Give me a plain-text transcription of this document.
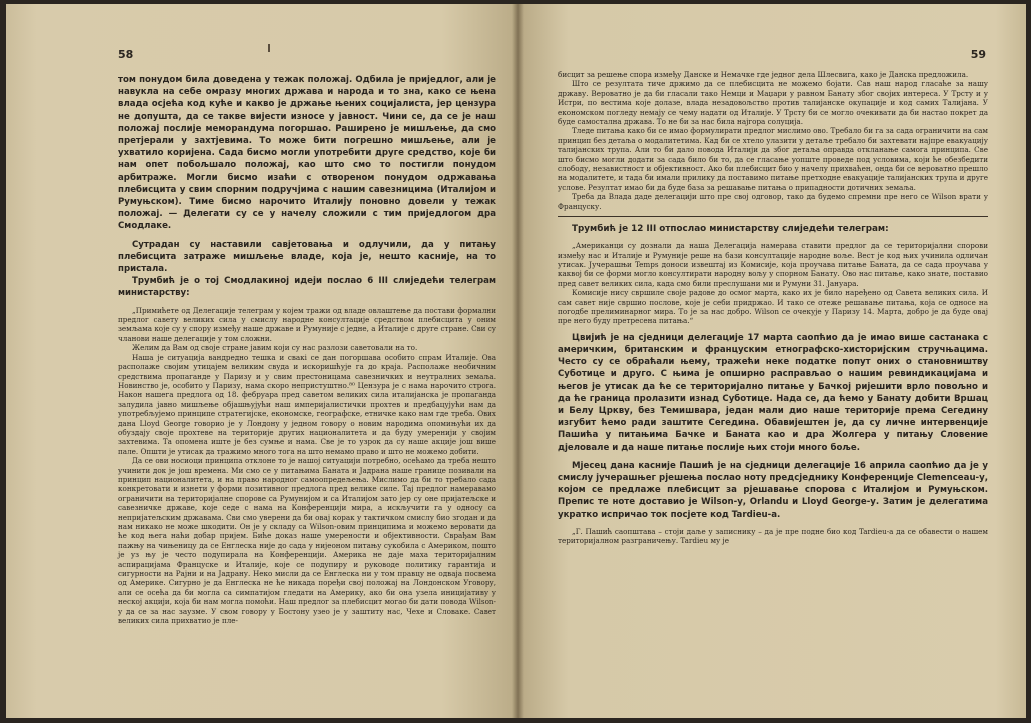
58

том понудом била доведена у тежак положај. Одбила је приједлог, али је навукла на себе омразу многих држава и народа и то зна, како се њена влада осјећа код куће и какво је држање њених социјалиста, јер цензура не допушта, да се такве вијести износе у јавност. Чини се, да се је наш положај послије меморандума погоршао. Раширено је мишљење, да смо претјерали у захтјевима. То може бити погрешно мишљење, али је ухватило коријена. Сада бисмо могли употребити друге средство, које би нам опет побољшало положај, као што смо то постигли понудом арбитраже. Могли бисмо изаћи с отвореном понудом одржавања плебисцита у свим спорним подручјима с нашим савезницима (Италијом и Румуњском). Тиме бисмо нарочито Италију поновно довели у тежак положај. — Делегати су се у начелу сложили с тим приједлогом дра Смодлаке.

Сутрадан су наставили савјетовања и одлучили, да у питању плебисцита затраже мишљење владе, која је, нешто касније, на то пристала.

Трумбић је о тој Смодлакиној идеји послао 6 III слиједећи телеграм министарству:

„Примићете од Делегације телеграм у којем тражи од владе овлаштење да постави формални предлог савету великих сила у смислу народне консултације средством плебисцита у оним земљама које су у спору између наше државе и Румуније с једне, а Италије с друге стране. Сви су чланови наше делегације у том сложни.

Желим да Вам од своје стране јавим који су нас разлози саветовали на то.

Наша је ситуација вандредно тешка и свакi се дан погоршава особито спрам Италије. Ова располаже својим утицајем великим свуда и искоришћује га до краја. Располаже необичним средствима пропаганде у Паризу и у свим престоницама савезничких и неутралних земаља. Новинство је, особито у Паризу, нама скоро непристуштно.⁸⁰ Цензура је с нама нарочито строга. Након нашега предлога од 18. фебруара пред саветом великих сила италијанска је пропаганда залудила јавно мишљење објашњујући наш империјалистички прохтев и предбацујући нам да употребљујемо принципе стратегијске, економске, географске, етничке како нам где треба. Ових дана Lloyd George говорио је у Лондону у једном говору о новим народима опомињући их да обуздају своје прохтеве на територије других националитета и да буду умеренији у својим захтевима. Та опомена иште је без сумње и нама. Све је то узрок да су наше акције још више пале. Општи је утисак да тражимо много тога на што немамо право и што не можемо добити.

Да се ови носиоци принципа отклоне то је нашој ситуацији потребно, осећамо да треба нешто учинити док је још времена. Ми смо се у питањима Баната и Јадрана наше границе позивали на принцип националитета, и на право народног самоопредељења. Мислимо да би то требало сада конкретовати и изнети у форми позитивног предлога пред велике силе. Тај предлог намеравамо ограничити на територијалне спорове са Румунијом и са Италијом зато јер су оне пријатељске и савезничке државе, које седе с нама на Конференцији мира, а искључити га у односу са непријатељским државама. Сви смо уверени да би овај корак у тактичком смислу био згодан и да нам никако не може шкодити. Он је у складу са Wilson-овим принципима и можемо веровати да ће код њега наћи добар пријем. Биће доказ наше умерености и објективности. Сврађам Вам пажњу на чињеницу да се Енглеска није до сада у нијеоном питању сукобила с Америком, пошто је уз њу је често подупирала на Конференцији. Америка не даје маха територијалним аспирацијама Француске и Италије, које се подупиру и руководе политику гарантија и сигурности на Рајни и на Јадрану. Неко мисли да се Енглеска ни у том правцу не одваја посвема од Америке. Сигурно је да Енглеска не ће никада поређи свој положај на Лондонском Уговору, али се осећа да би могла са симпатијом гледати на Америку, ако би она узела иницијативу у нескоj акцији, која би нам могла помоћи. Наш предлог за плебисцит могао би дати повода Wilson-у да се за нас заузме. У свом говору у Бостону узео је у заштиту нас, Чехе и Словаке. Савет великих сила прихватио је пле-

59

бисцит за решење спора између Данске и Немачке где једног дела Шлесвига, како је Данска предложила.

Што се резултата тиче држимо да се плебисцита не можемо бојати. Сав наш народ гласаће за нашу државу. Вероватно је да би гласали тако Немци и Маџари у равном Банату због својих интереса. У Трсту и у Истри, по вестима које долазе, влада незадовољство против талијанске окупације и код самих Талијана. У економском погледу немају се чему надати од Италије. У Трсту би се могло очекивати да би настао покрет да буде самостална држава. То не би за нас била најгора солуција.

Тледе питања како би се имао формулирати предлог мислимо ово. Требало би га за сада ограничити на сам принцип без детаља о модалитетима. Кад би се хтело улазити у детаље требало би захтевати најпре евакуацију талијанских трупа. Али то би дало повода Италији да због детаља оправда откланање самога принципа. Све што бисмо могли додати за сада било би то, да се гласање уопште проведе под условима, који ће обезбедити слободу, независтност и објективност. Ако би плебисцит био у начелу прихваћен, онда би се вероватно прешло на модалитете, и тада би имали прилику да поставимо питање претходне евакуације талијанских трупа и друге услове. Резултат имао би да буде база за решавање питања о припадности дотичних земаља.

Треба да Влада даде делегацији што пре свој одговор, тако да будемо спремни пре него се Wilson врати у Француску.

Трумбић је 12 III отпослао министарству слиједећи телеграм:

„Американци су дознали да наша Делегација намерава ставити предлог да се територијални спорови између нас и Италије и Румуније реше на бази консултације народне воље. Вест је код њих учинила одличан утисак. Јучерашњи Temps доноси извештај из Комисије, која проучава питање Баната, да се сада проучава у каквој би се форми могло консултирати народну вољу у спорном Банату. Ово нас питање, како знате, поставио пред савет великих сила, када смо били преслушани ми и Румуни 31. Јануара.

Комисије нису свршиле своје радове до осмог марта, како их је било наређено од Савета великих сила. И сам савет није свршио послове, које је себи придржао. И тако се отеже решавање питања, која се односе на погодбе прелиминарног мира. То је за нас добро. Wilson се очекује у Паризу 14. Марта, добро је да буде овај пре него буду претресена питања.“

Цвијић је на сједници делегације 17 марта саопћио да је имао више састанака с америчким, британским и француским етнографско-хисторијским стручњацима. Често су се обраћали њему, тражећи неке податке попут оних о становништву Суботице и друго. С њима је опширно расправљао о нашим ревиндикацијама и његов је утисак да ће се територијално питање у Бачкој ријешити врло повољно и да ће граница пролазити изнад Суботице. Нада се, да ћемо у Банату добити Вршац и Белу Цркву, без Темишвара, један мали дио наше територије према Сегедину изгубит ћемо ради заштите Сегедина. Обавијештен је, да су личне интервенције Пашића у питањима Бачке и Баната као и дра Жолгера у питању Словение дјеловале и да наше питање послије њих стоји много боље.

Мјесец дана касније Пашић је на сједници делегације 16 априла саопћио да је у смислу јучерашњег рјешења послао ноту предсједнику Конференције Clemenceau-у, којом се предлаже плебисцит за рјешавање спорова с Италијом и Румуњском. Препис те ноте доставио је Wilson-у, Orlandu и Lloyd George-у. Затим је делегатима укратко испричао ток посјете код Tardieu-a.

„Г. Пашић саопштава – стоји даље у записнику – да је пре подне био код Tardieu-a да се обавести о нашем територијалном разграничењу. Tardieu му је
